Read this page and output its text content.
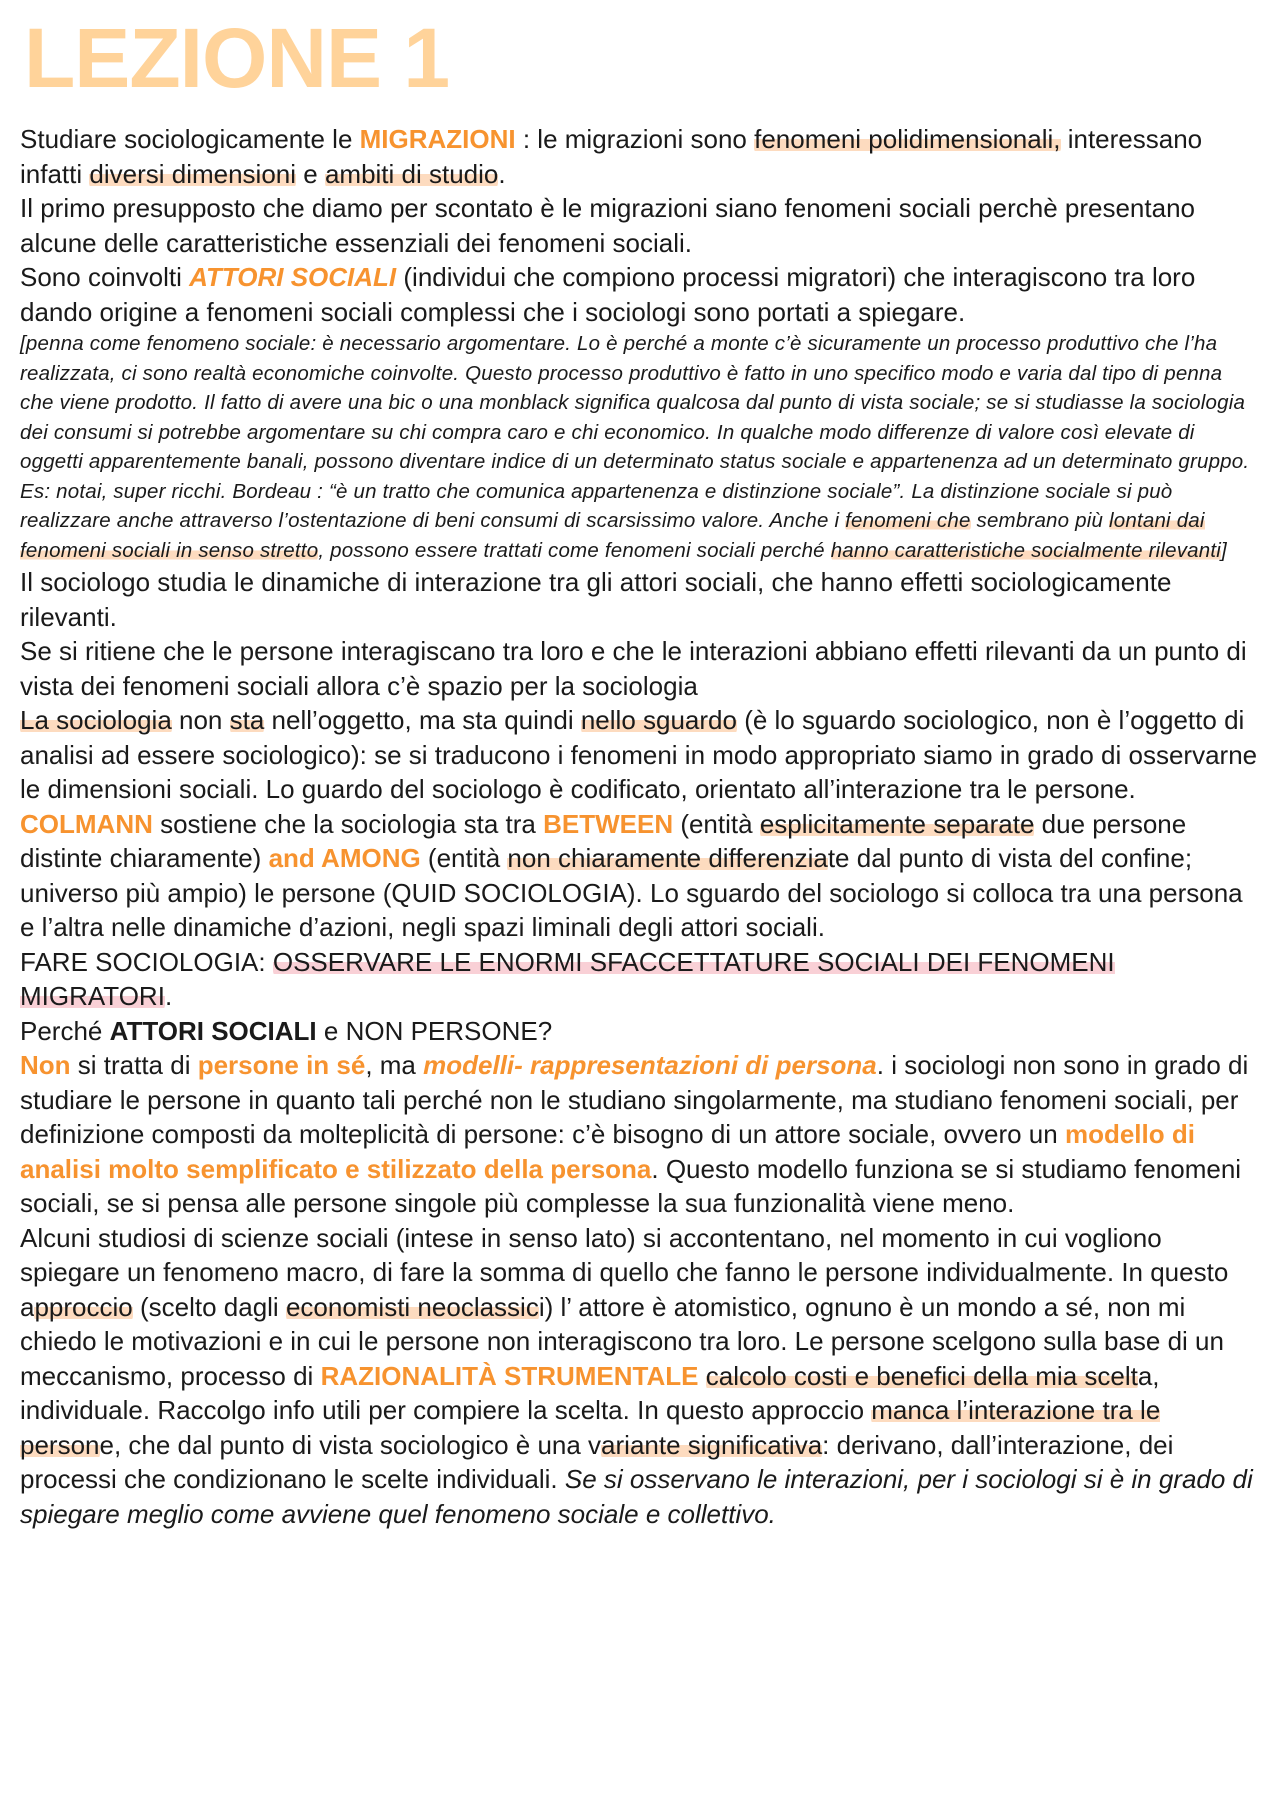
LEZIONE 1

Studiare sociologicamente le MIGRAZIONI : le migrazioni sono fenomeni polidimensionali, interessano infatti diversi dimensioni e ambiti di studio.

Il primo presupposto che diamo per scontato è le migrazioni siano fenomeni sociali perchè presentano alcune delle caratteristiche essenziali dei fenomeni sociali.

Sono coinvolti ATTORI SOCIALI (individui che compiono processi migratori) che interagiscono tra loro dando origine a fenomeni sociali complessi che i sociologi sono portati a spiegare.

[penna come fenomeno sociale: è necessario argomentare. Lo è perché a monte c’è sicuramente un processo produttivo che l’ha realizzata, ci sono realtà economiche coinvolte. Questo processo produttivo è fatto in uno specifico modo e varia dal tipo di penna che viene prodotto. Il fatto di avere una bic o una monblack significa qualcosa dal punto di vista sociale; se si studiasse la sociologia dei consumi si potrebbe argomentare su chi compra caro e chi economico. In qualche modo differenze di valore così elevate di oggetti apparentemente banali, possono diventare indice di un determinato status sociale e appartenenza ad un determinato gruppo. Es: notai, super ricchi. Bordeau : “è un tratto che comunica appartenenza e distinzione sociale”. La distinzione sociale si può realizzare anche attraverso l’ostentazione di beni consumi di scarsissimo valore. Anche i fenomeni che sembrano più lontani dai fenomeni sociali in senso stretto, possono essere trattati come fenomeni sociali perché hanno caratteristiche socialmente rilevanti]

Il sociologo studia le dinamiche di interazione tra gli attori sociali, che hanno effetti sociologicamente rilevanti.

Se si ritiene che le persone interagiscano tra loro e che le interazioni abbiano effetti rilevanti da un punto di vista dei fenomeni sociali allora c’è spazio per la sociologia

La sociologia non sta nell’oggetto, ma sta quindi nello sguardo (è lo sguardo sociologico, non è l’oggetto di analisi ad essere sociologico): se si traducono i fenomeni in modo appropriato siamo in grado di osservarne le dimensioni sociali. Lo guardo del sociologo è codificato, orientato all’interazione tra le persone.

COLMANN sostiene che la sociologia sta tra BETWEEN (entità esplicitamente separate due persone distinte chiaramente) and AMONG (entità non chiaramente differenziate dal punto di vista del confine; universo più ampio) le persone (QUID SOCIOLOGIA). Lo sguardo del sociologo si colloca tra una persona e l’altra nelle dinamiche d’azioni, negli spazi liminali degli attori sociali.

FARE SOCIOLOGIA: OSSERVARE LE ENORMI SFACCETTATURE SOCIALI DEI FENOMENI MIGRATORI.

Perché ATTORI SOCIALI e NON PERSONE?

Non si tratta di persone in sé, ma modelli- rappresentazioni di persona. i sociologi non sono in grado di studiare le persone in quanto tali perché non le studiano singolarmente, ma studiano fenomeni sociali, per definizione composti da molteplicità di persone: c’è bisogno di un attore sociale, ovvero un modello di analisi molto semplificato e stilizzato della persona. Questo modello funziona se si studiamo fenomeni sociali, se si pensa alle persone singole più complesse la sua funzionalità viene meno.

Alcuni studiosi di scienze sociali (intese in senso lato) si accontentano, nel momento in cui vogliono spiegare un fenomeno macro, di fare la somma di quello che fanno le persone individualmente. In questo approccio (scelto dagli economisti neoclassici) l’ attore è atomistico, ognuno è un mondo a sé, non mi chiedo le motivazioni e in cui le persone non interagiscono tra loro. Le persone scelgono sulla base di un meccanismo, processo di RAZIONALITÀ STRUMENTALE calcolo costi e benefici della mia scelta, individuale. Raccolgo info utili per compiere la scelta. In questo approccio manca l’interazione tra le persone, che dal punto di vista sociologico è una variante significativa: derivano, dall’interazione, dei processi che condizionano le scelte individuali. Se si osservano le interazioni, per i sociologi si è in grado di spiegare meglio come avviene quel fenomeno sociale e collettivo.
